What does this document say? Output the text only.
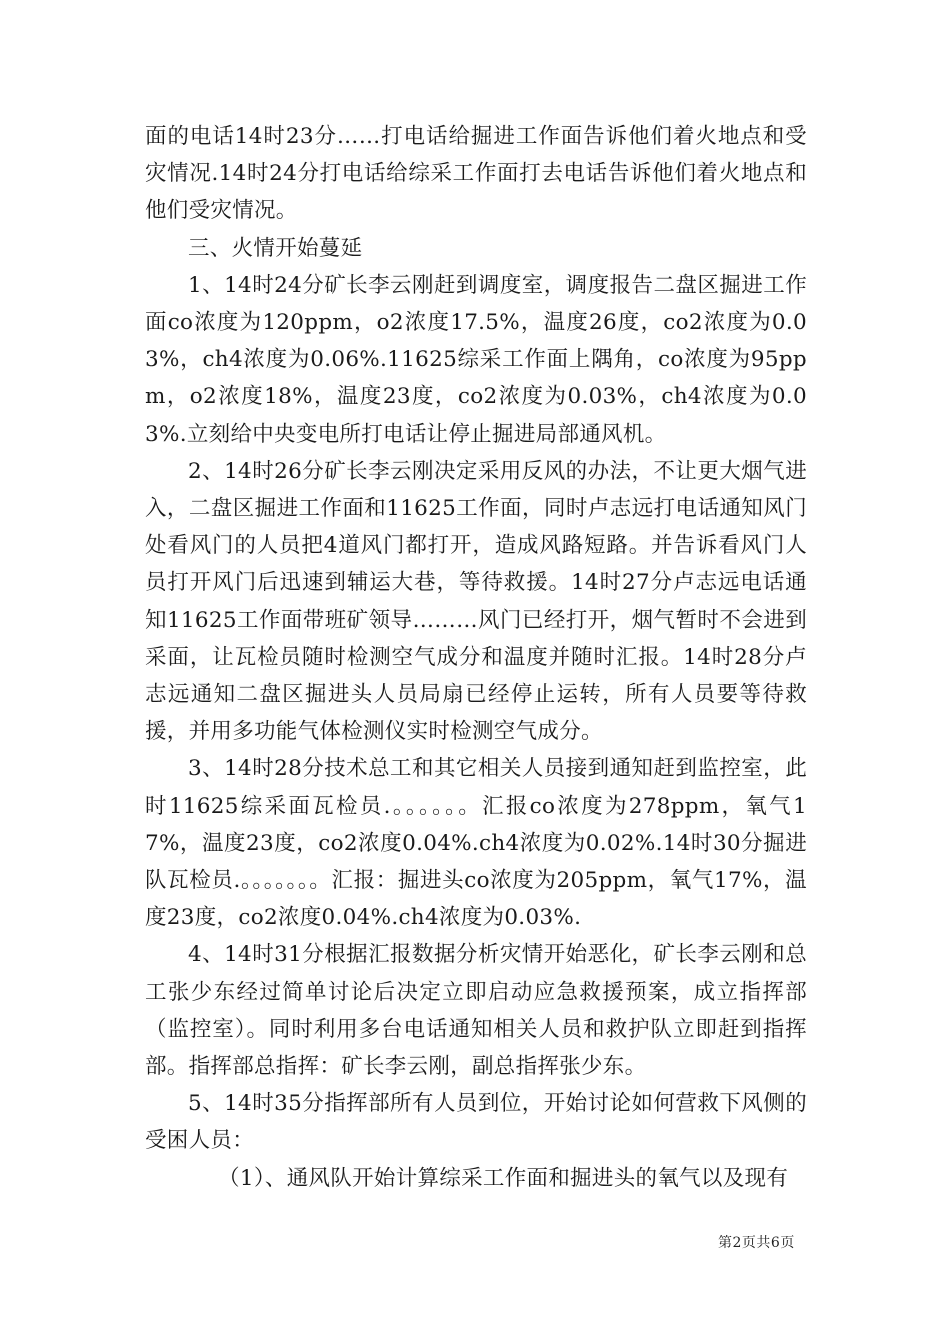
面的电话14时23分……打电话给掘进工作面告诉他们着火地点和受灾情况.14时24分打电话给综采工作面打去电话告诉他们着火地点和他们受灾情况。

三、火情开始蔓延

1、14时24分矿长李云刚赶到调度室，调度报告二盘区掘进工作面co浓度为120ppm，o2浓度17.5%，温度26度，co2浓度为0.03%，ch4浓度为0.06%.11625综采工作面上隅角，co浓度为95ppm，o2浓度18%，温度23度，co2浓度为0.03%，ch4浓度为0.03%.立刻给中央变电所打电话让停止掘进局部通风机。

2、14时26分矿长李云刚决定采用反风的办法，不让更大烟气进入，二盘区掘进工作面和11625工作面，同时卢志远打电话通知风门处看风门的人员把4道风门都打开，造成风路短路。并告诉看风门人员打开风门后迅速到辅运大巷，等待救援。14时27分卢志远电话通知11625工作面带班矿领导………风门已经打开，烟气暂时不会进到采面，让瓦检员随时检测空气成分和温度并随时汇报。14时28分卢志远通知二盘区掘进头人员局扇已经停止运转，所有人员要等待救援，并用多功能气体检测仪实时检测空气成分。

3、14时28分技术总工和其它相关人员接到通知赶到监控室，此时11625综采面瓦检员.。。。。。。汇报co浓度为278ppm，氧气17%，温度23度，co2浓度0.04%.ch4浓度为0.02%.14时30分掘进队瓦检员.。。。。。。。汇报：掘进头co浓度为205ppm，氧气17%，温度23度，co2浓度0.04%.ch4浓度为0.03%.

4、14时31分根据汇报数据分析灾情开始恶化，矿长李云刚和总工张少东经过简单讨论后决定立即启动应急救援预案，成立指挥部（监控室）。同时利用多台电话通知相关人员和救护队立即赶到指挥部。指挥部总指挥：矿长李云刚，副总指挥张少东。

5、14时35分指挥部所有人员到位，开始讨论如何营救下风侧的受困人员：

（1）、通风队开始计算综采工作面和掘进头的氧气以及现有

第2页共6页
